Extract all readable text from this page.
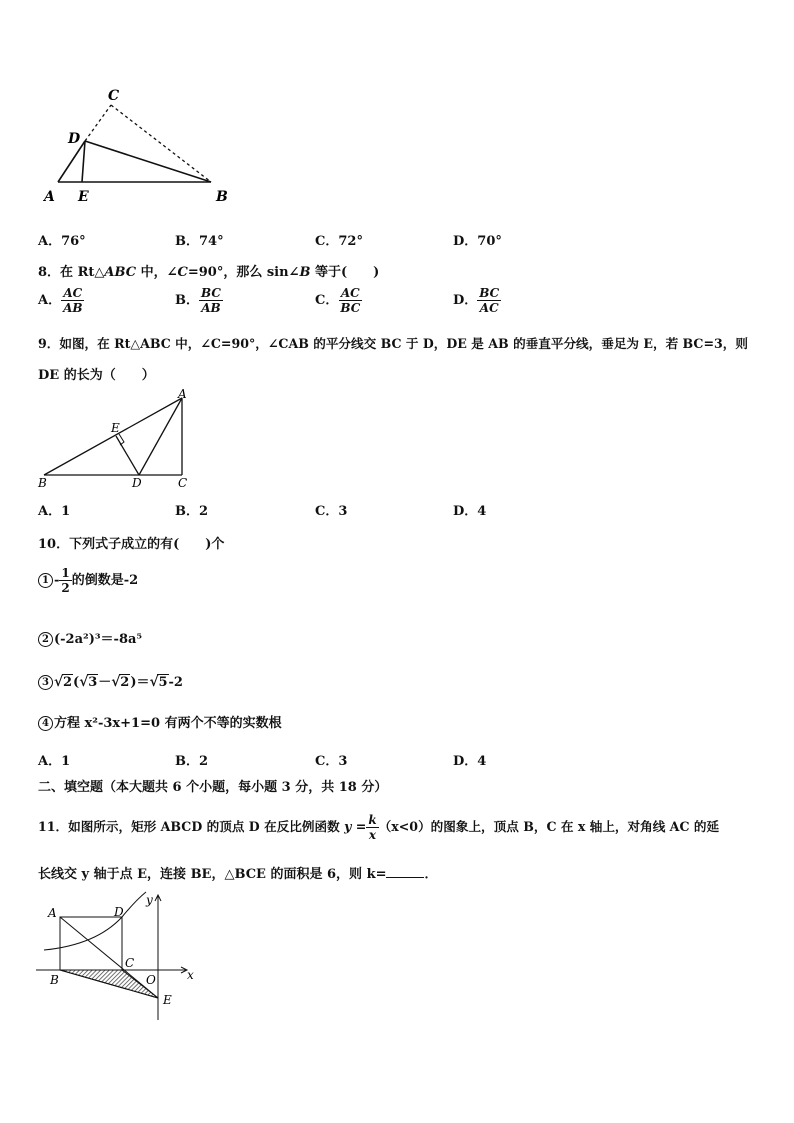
C
D
A E	B
A．76°	B．74°	C．72°	D．70°
8．在 Rt△ABC 中，∠C=90°，那么 sin∠B 等于(　　)
A． $\frac{AC}{AB}$	B． $\frac{BC}{AB}$	C． $\frac{AC}{BC}$	D． $\frac{BC}{AC}$
9．如图，在 Rt△ABC 中，∠C=90°，∠CAB 的平分线交 BC 于 D，DE 是 AB 的垂直平分线，垂足为 E，若 BC=3，则
DE 的长为（　　）
A
E
B	D	C
A．1	B．2	C．3	D．4
10．下列式子成立的有(　　)个
$1 - \frac{1}{2}$ 的倒数是-2
2 (-2a²)³＝-8a⁵
3 √ 2( √ 3－ √ 2)＝ √ 5-2
4 方程 x²-3x+1=0 有两个不等的实数根
A．1	B．2	C．3	D．4
二、填空题（本大题共 6 个小题，每小题 3 分，共 18 分）
11．如图所示，矩形 ABCD 的顶点 D 在反比例函数 $y = \frac{k}{x} (x<0)$的图象上，顶点 B，C 在 x 轴上，对角线 AC 的延
长线交 y 轴于点 E，连接 BE，△BCE 的面积是 6，则 k=	．
y
A	D
C
O	x
B
E
